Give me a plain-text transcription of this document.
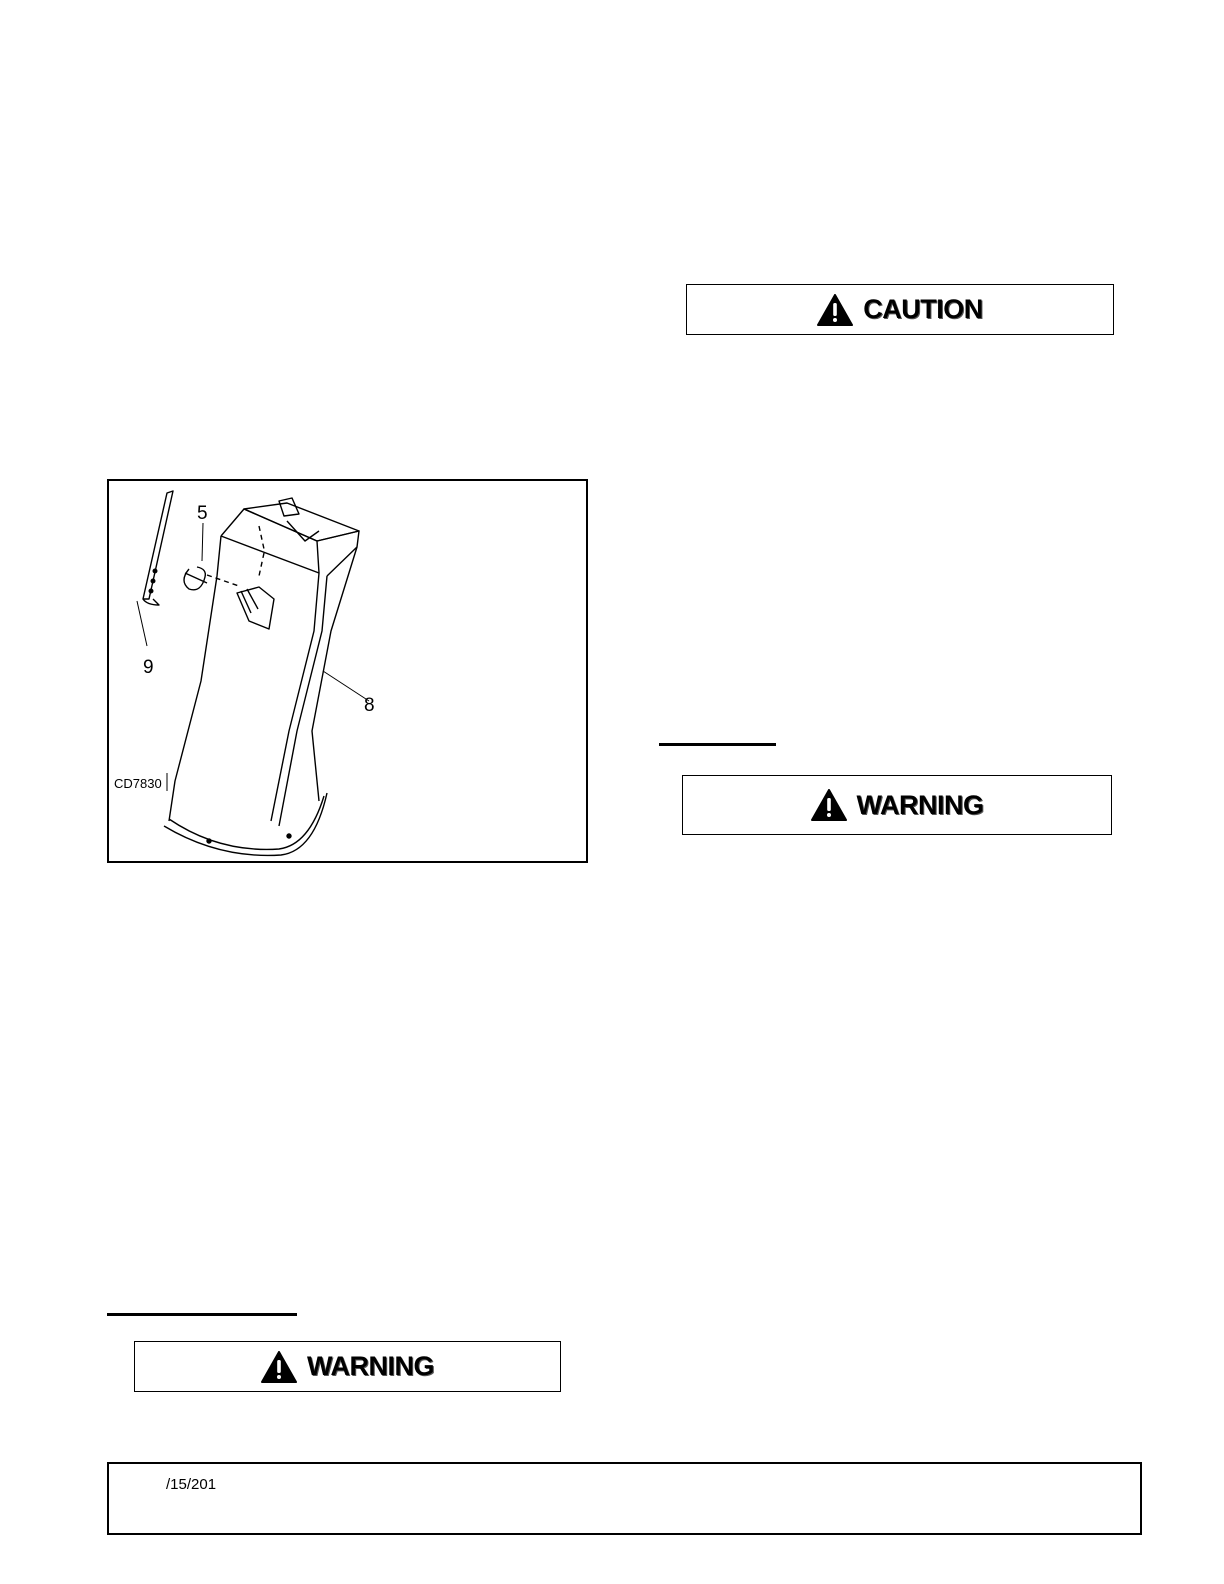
CAUTION
WARNING
5
9
8
CD7830
WARNING
/15/201
